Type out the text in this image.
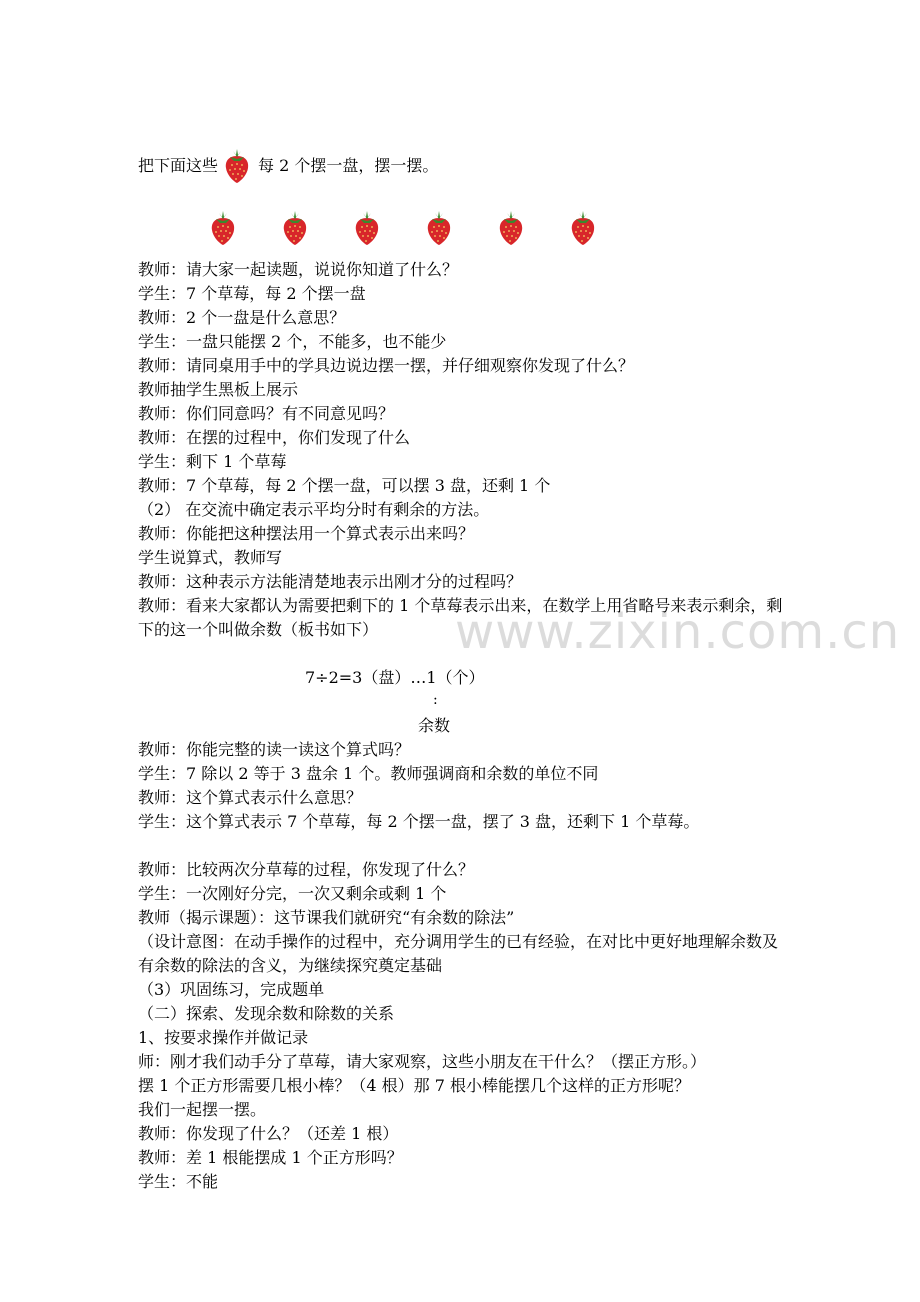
www.zixin.com.cn
把下面这些	每 2 个摆一盘，摆一摆。
教师：请大家一起读题，说说你知道了什么？
学生：7 个草莓，每 2 个摆一盘
教师：2 个一盘是什么意思？
学生：一盘只能摆 2 个，不能多，也不能少
教师：请同桌用手中的学具边说边摆一摆，并仔细观察你发现了什么？
教师抽学生黑板上展示
教师：你们同意吗？有不同意见吗？
教师：在摆的过程中，你们发现了什么
学生：剩下 1 个草莓
教师：7 个草莓，每 2 个摆一盘，可以摆 3 盘，还剩 1 个
（2） 在交流中确定表示平均分时有剩余的方法。
教师：你能把这种摆法用一个算式表示出来吗？
学生说算式，教师写
教师：这种表示方法能清楚地表示出刚才分的过程吗？
教师：看来大家都认为需要把剩下的 1 个草莓表示出来，在数学上用省略号来表示剩余，剩下的这一个叫做余数（板书如下）
7÷2=3（盘）…1（个）
:
余数
教师：你能完整的读一读这个算式吗？
学生：7 除以 2 等于 3 盘余 1 个。教师强调商和余数的单位不同
教师：这个算式表示什么意思？
学生：这个算式表示 7 个草莓，每 2 个摆一盘，摆了 3 盘，还剩下 1 个草莓。
教师：比较两次分草莓的过程，你发现了什么？
学生：一次刚好分完，一次又剩余或剩 1 个
教师（揭示课题）：这节课我们就研究“有余数的除法”
（设计意图：在动手操作的过程中，充分调用学生的已有经验，在对比中更好地理解余数及有余数的除法的含义，为继续探究奠定基础
（3）巩固练习，完成题单
（二）探索、发现余数和除数的关系
1、按要求操作并做记录
师：刚才我们动手分了草莓，请大家观察，这些小朋友在干什么？（摆正方形。）
摆 1 个正方形需要几根小棒？（4 根）那 7 根小棒能摆几个这样的正方形呢？
我们一起摆一摆。
教师：你发现了什么？（还差 1 根）
教师：差 1 根能摆成 1 个正方形吗？
学生：不能
